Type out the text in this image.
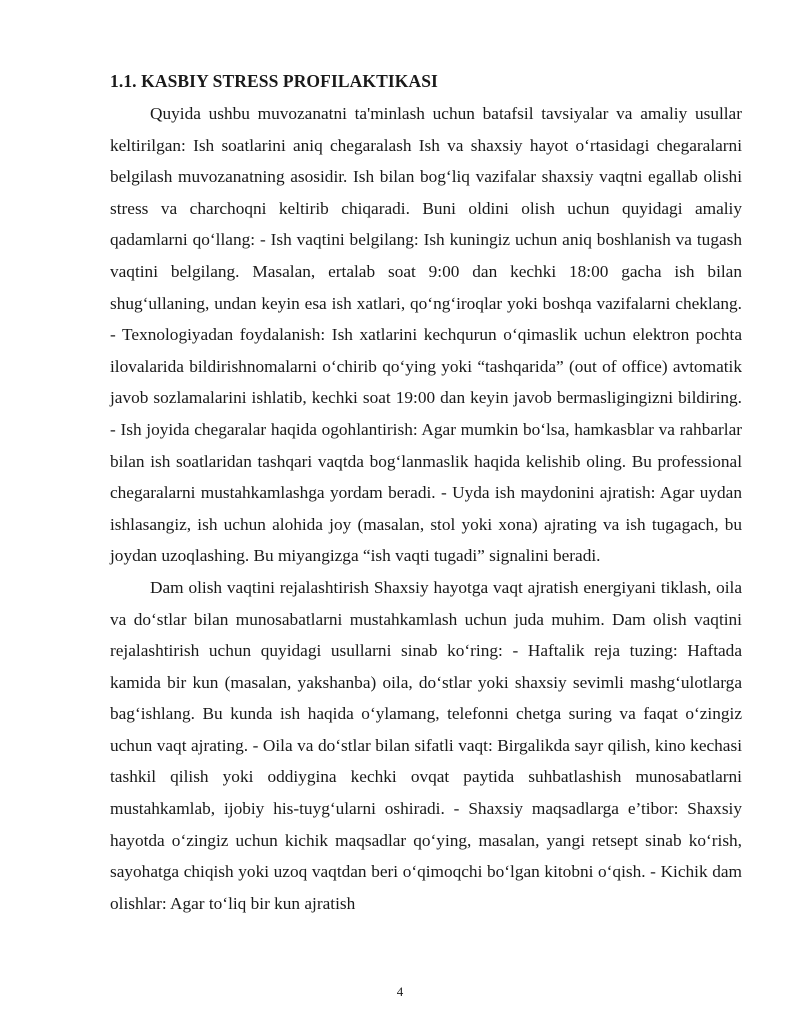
1.1. KASBIY STRESS PROFILAKTIKASI

Quyida ushbu muvozanatni ta'minlash uchun batafsil tavsiyalar va amaliy usullar keltirilgan: Ish soatlarini aniq chegaralash Ish va shaxsiy hayot o‘rtasidagi chegaralarni belgilash muvozanatning asosidir. Ish bilan bog‘liq vazifalar shaxsiy vaqtni egallab olishi stress va charchoqni keltirib chiqaradi. Buni oldini olish uchun quyidagi amaliy qadamlarni qo‘llang: - Ish vaqtini belgilang: Ish kuningiz uchun aniq boshlanish va tugash vaqtini belgilang. Masalan, ertalab soat 9:00 dan kechki 18:00 gacha ish bilan shug‘ullaning, undan keyin esa ish xatlari, qo‘ng‘iroqlar yoki boshqa vazifalarni cheklang. - Texnologiyadan foydalanish: Ish xatlarini kechqurun o‘qimaslik uchun elektron pochta ilovalarida bildirishnomalarni o‘chirib qo‘ying yoki “tashqarida” (out of office) avtomatik javob sozlamalarini ishlatib, kechki soat 19:00 dan keyin javob bermasligingizni bildiring. - Ish joyida chegaralar haqida ogohlantirish: Agar mumkin bo‘lsa, hamkasblar va rahbarlar bilan ish soatlaridan tashqari vaqtda bog‘lanmaslik haqida kelishib oling. Bu professional chegaralarni mustahkamlashga yordam beradi. - Uyda ish maydonini ajratish: Agar uydan ishlasangiz, ish uchun alohida joy (masalan, stol yoki xona) ajrating va ish tugagach, bu joydan uzoqlashing. Bu miyangizga “ish vaqti tugadi” signalini beradi.

Dam olish vaqtini rejalashtirish Shaxsiy hayotga vaqt ajratish energiyani tiklash, oila va do‘stlar bilan munosabatlarni mustahkamlash uchun juda muhim. Dam olish vaqtini rejalashtirish uchun quyidagi usullarni sinab ko‘ring: - Haftalik reja tuzing: Haftada kamida bir kun (masalan, yakshanba) oila, do‘stlar yoki shaxsiy sevimli mashg‘ulotlarga bag‘ishlang. Bu kunda ish haqida o‘ylamang, telefonni chetga suring va faqat o‘zingiz uchun vaqt ajrating. - Oila va do‘stlar bilan sifatli vaqt: Birgalikda sayr qilish, kino kechasi tashkil qilish yoki oddiygina kechki ovqat paytida suhbatlashish munosabatlarni mustahkamlab, ijobiy his-tuyg‘ularni oshiradi. - Shaxsiy maqsadlarga e’tibor: Shaxsiy hayotda o‘zingiz uchun kichik maqsadlar qo‘ying, masalan, yangi retsept sinab ko‘rish, sayohatga chiqish yoki uzoq vaqtdan beri o‘qimoqchi bo‘lgan kitobni o‘qish. - Kichik dam olishlar: Agar to‘liq bir kun ajratish

4
